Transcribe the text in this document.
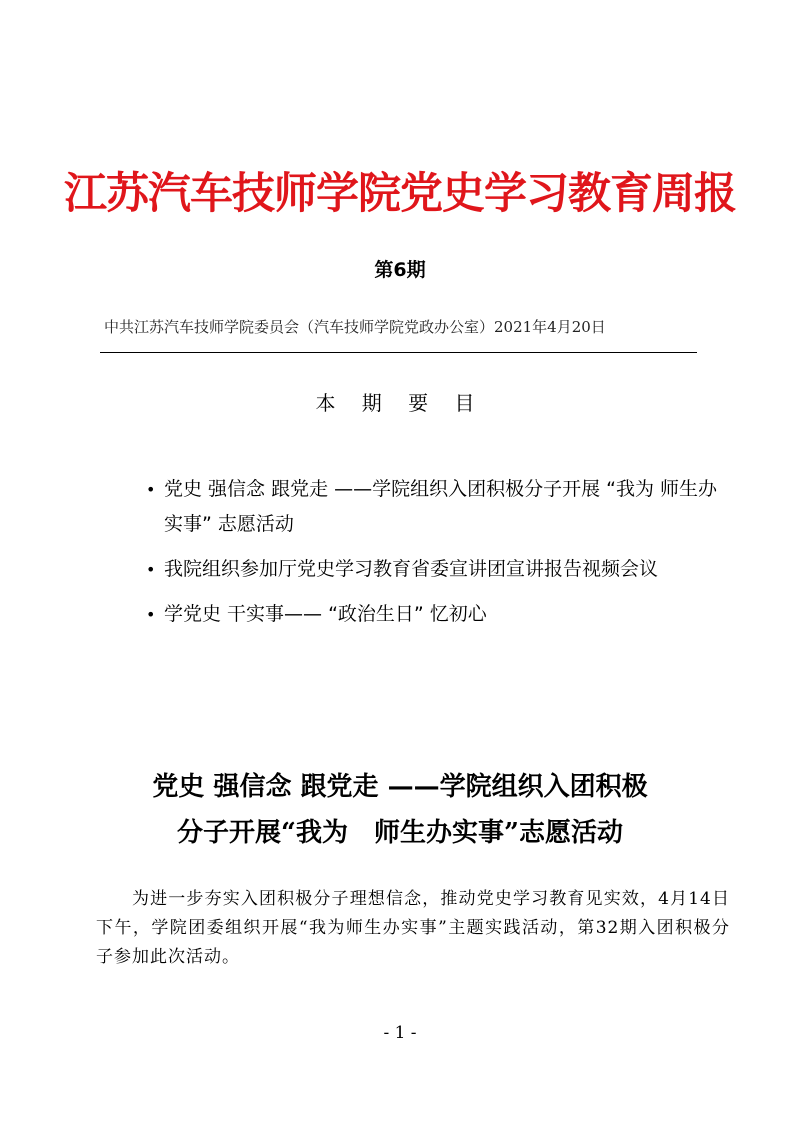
江苏汽车技师学院党史学习教育周报
第6期
中共江苏汽车技师学院委员会（汽车技师学院党政办公室）2021年4月20日
本 期 要 目
• 党史 强信念 跟党走 ——学院组织入团积极分子开展 “我为 师生办实事” 志愿活动
• 我院组织参加厅党史学习教育省委宣讲团宣讲报告视频会议
• 学党史 干实事—— “政治生日” 忆初心
党史 强信念 跟党走 ——学院组织入团积极
分子开展“我为　师生办实事”志愿活动

为进一步夯实入团积极分子理想信念，推动党史学习教育见实效，4月14日下午，学院团委组织开展“我为师生办实事”主题实践活动，第32期入团积极分子参加此次活动。

- 1 -
